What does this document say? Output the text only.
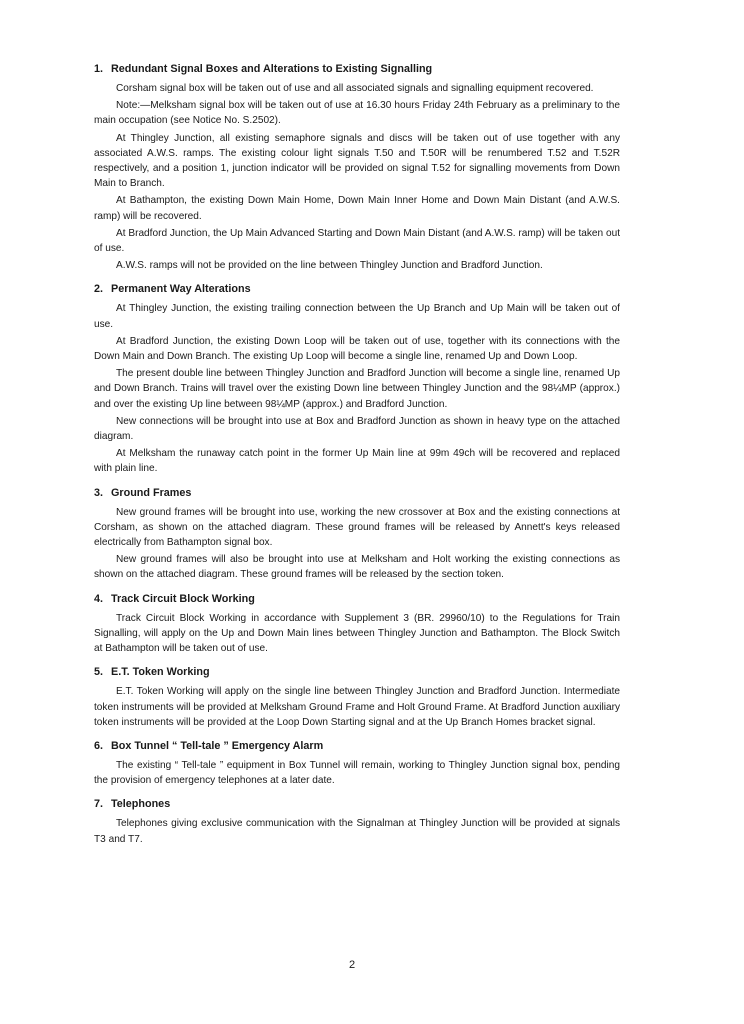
1. Redundant Signal Boxes and Alterations to Existing Signalling

Corsham signal box will be taken out of use and all associated signals and signalling equipment recovered.

Note:—Melksham signal box will be taken out of use at 16.30 hours Friday 24th February as a preliminary to the main occupation (see Notice No. S.2502).

At Thingley Junction, all existing semaphore signals and discs will be taken out of use together with any associated A.W.S. ramps. The existing colour light signals T.50 and T.50R will be renumbered T.52 and T.52R respectively, and a position 1, junction indicator will be provided on signal T.52 for signalling movements from Down Main to Branch.

At Bathampton, the existing Down Main Home, Down Main Inner Home and Down Main Distant (and A.W.S. ramp) will be recovered.

At Bradford Junction, the Up Main Advanced Starting and Down Main Distant (and A.W.S. ramp) will be taken out of use.

A.W.S. ramps will not be provided on the line between Thingley Junction and Bradford Junction.

2. Permanent Way Alterations

At Thingley Junction, the existing trailing connection between the Up Branch and Up Main will be taken out of use.

At Bradford Junction, the existing Down Loop will be taken out of use, together with its connections with the Down Main and Down Branch. The existing Up Loop will become a single line, renamed Up and Down Loop.

The present double line between Thingley Junction and Bradford Junction will become a single line, renamed Up and Down Branch. Trains will travel over the existing Down line between Thingley Junction and the 98¼MP (approx.) and over the existing Up line between 98¼MP (approx.) and Bradford Junction.

New connections will be brought into use at Box and Bradford Junction as shown in heavy type on the attached diagram.

At Melksham the runaway catch point in the former Up Main line at 99m 49ch will be recovered and replaced with plain line.

3. Ground Frames

New ground frames will be brought into use, working the new crossover at Box and the existing connections at Corsham, as shown on the attached diagram. These ground frames will be released by Annett's keys released electrically from Bathampton signal box.

New ground frames will also be brought into use at Melksham and Holt working the existing connections as shown on the attached diagram. These ground frames will be released by the section token.

4. Track Circuit Block Working

Track Circuit Block Working in accordance with Supplement 3 (BR. 29960/10) to the Regulations for Train Signalling, will apply on the Up and Down Main lines between Thingley Junction and Bathampton. The Block Switch at Bathampton will be taken out of use.

5. E.T. Token Working

E.T. Token Working will apply on the single line between Thingley Junction and Bradford Junction. Intermediate token instruments will be provided at Melksham Ground Frame and Holt Ground Frame. At Bradford Junction auxiliary token instruments will be provided at the Loop Down Starting signal and at the Up Branch Homes bracket signal.

6. Box Tunnel “ Tell-tale ” Emergency Alarm

The existing “ Tell-tale ” equipment in Box Tunnel will remain, working to Thingley Junction signal box, pending the provision of emergency telephones at a later date.

7. Telephones

Telephones giving exclusive communication with the Signalman at Thingley Junction will be provided at signals T3 and T7.

2
